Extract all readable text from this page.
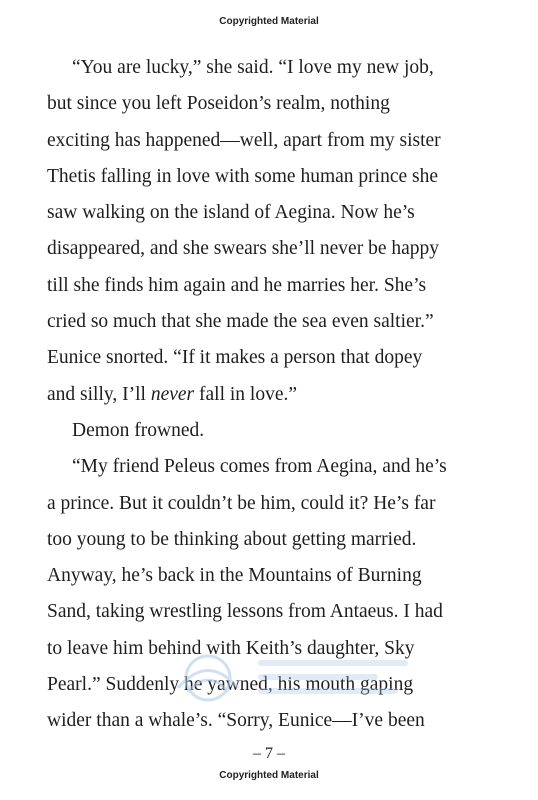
Copyrighted Material
“You are lucky,” she said. “I love my new job,
but since you left Poseidon’s realm, nothing
exciting has happened—well, apart from my sister
Thetis falling in love with some human prince she
saw walking on the island of Aegina. Now he’s
disappeared, and she swears she’ll never be happy
till she finds him again and he marries her. She’s
cried so much that she made the sea even saltier.”
Eunice snorted. “If it makes a person that dopey
and silly, I’ll never fall in love.”
Demon frowned.
“My friend Peleus comes from Aegina, and he’s
a prince. But it couldn’t be him, could it? He’s far
too young to be thinking about getting married.
Anyway, he’s back in the Mountains of Burning
Sand, taking wrestling lessons from Antaeus. I had
to leave him behind with Keith’s daughter, Sky
Pearl.” Suddenly he yawned, his mouth gaping
wider than a whale’s. “Sorry, Eunice—I’ve been
– 7 –
Copyrighted Material
